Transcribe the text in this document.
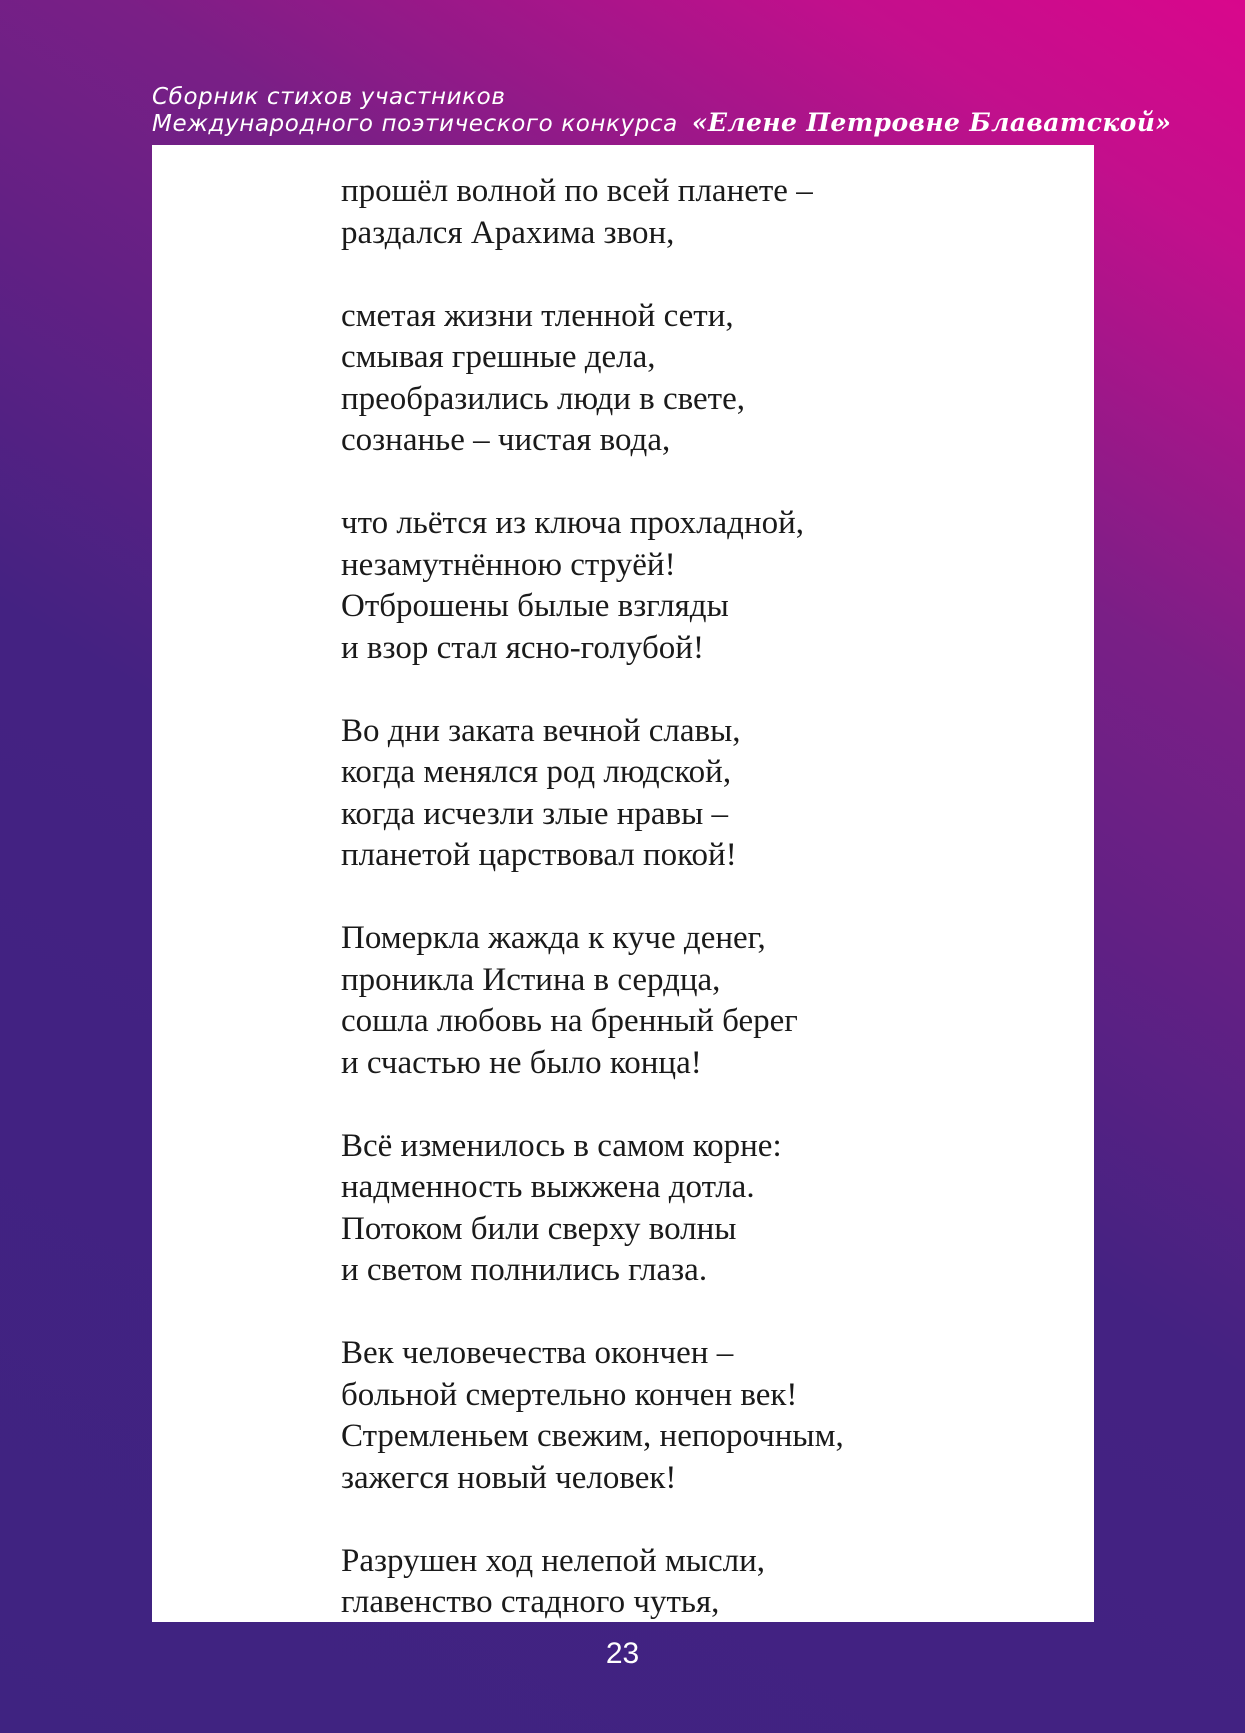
Сборник стихов участников
Международного поэтического конкурса «Елене Петровне Блаватской»
прошёл волной по всей планете –
раздался Арахима звон,
сметая жизни тленной сети,
смывая грешные дела,
преобразились люди в свете,
сознанье – чистая вода,
что льётся из ключа прохладной,
незамутнённою струёй!
Отброшены былые взгляды
и взор стал ясно-голубой!
Во дни заката вечной славы,
когда менялся род людской,
когда исчезли злые нравы –
планетой царствовал покой!
Померкла жажда к куче денег,
проникла Истина в сердца,
сошла любовь на бренный берег
и счастью не было конца!
Всё изменилось в самом корне:
надменность выжжена дотла.
Потоком били сверху волны
и светом полнились глаза.
Век человечества окончен –
больной смертельно кончен век!
Стремленьем свежим, непорочным,
зажегся новый человек!
Разрушен ход нелепой мысли,
главенство стадного чутья,
23
